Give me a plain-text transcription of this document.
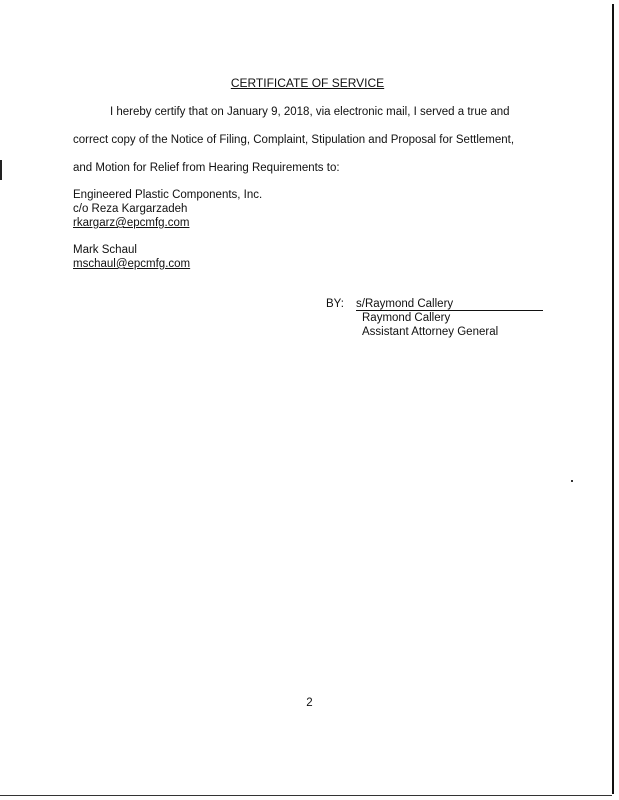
CERTIFICATE OF SERVICE
I hereby certify that on January 9, 2018, via electronic mail, I served a true and
correct copy of the Notice of Filing, Complaint, Stipulation and Proposal for Settlement,
and Motion for Relief from Hearing Requirements to:
Engineered Plastic Components, Inc.
c/o Reza Kargarzadeh
rkargarz@epcmfg.com
Mark Schaul
mschaul@epcmfg.com
BY:	s/Raymond Callery
Raymond Callery
Assistant Attorney General
2
